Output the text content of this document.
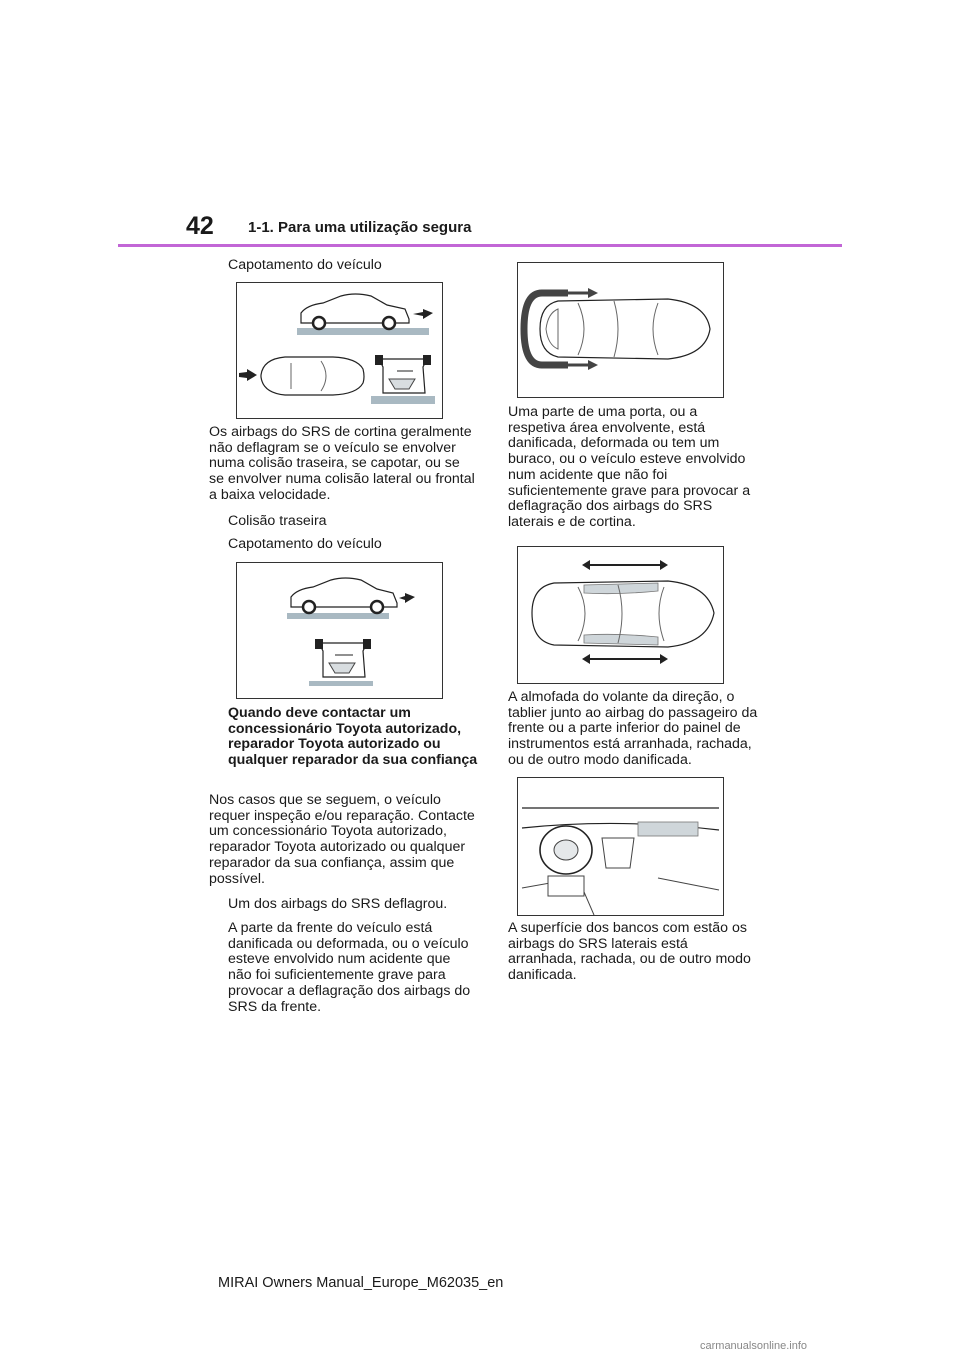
42 1-1. Para uma utilização segura
Capotamento do veículo
Os airbags do SRS de cortina geralmente não deflagram se o veículo se envolver numa colisão traseira, se capotar, ou se se envolver numa colisão lateral ou frontal a baixa velocidade.
Colisão traseira
Capotamento do veículo
Quando deve contactar um concessionário Toyota autorizado, reparador Toyota autorizado ou qualquer reparador da sua confiança
Nos casos que se seguem, o veículo requer inspeção e/ou reparação. Contacte um concessionário Toyota autorizado, reparador Toyota autorizado ou qualquer reparador da sua confiança, assim que possível.
Um dos airbags do SRS deflagrou.
A parte da frente do veículo está danificada ou deformada, ou o veículo esteve envolvido num acidente que não foi suficientemente grave para provocar a deflagração dos airbags do SRS da frente.
Uma parte de uma porta, ou a respetiva área envolvente, está danificada, deformada ou tem um buraco, ou o veículo esteve envolvido num acidente que não foi suficientemente grave para provocar a deflagração dos airbags do SRS laterais e de cortina.
A almofada do volante da direção, o tablier junto ao airbag do passageiro da frente ou a parte inferior do painel de instrumentos está arranhada, rachada, ou de outro modo danificada.
A superfície dos bancos com estão os airbags do SRS laterais está arranhada, rachada, ou de outro modo danificada.
MIRAI Owners Manual_Europe_M62035_en
carmanualsonline.info
